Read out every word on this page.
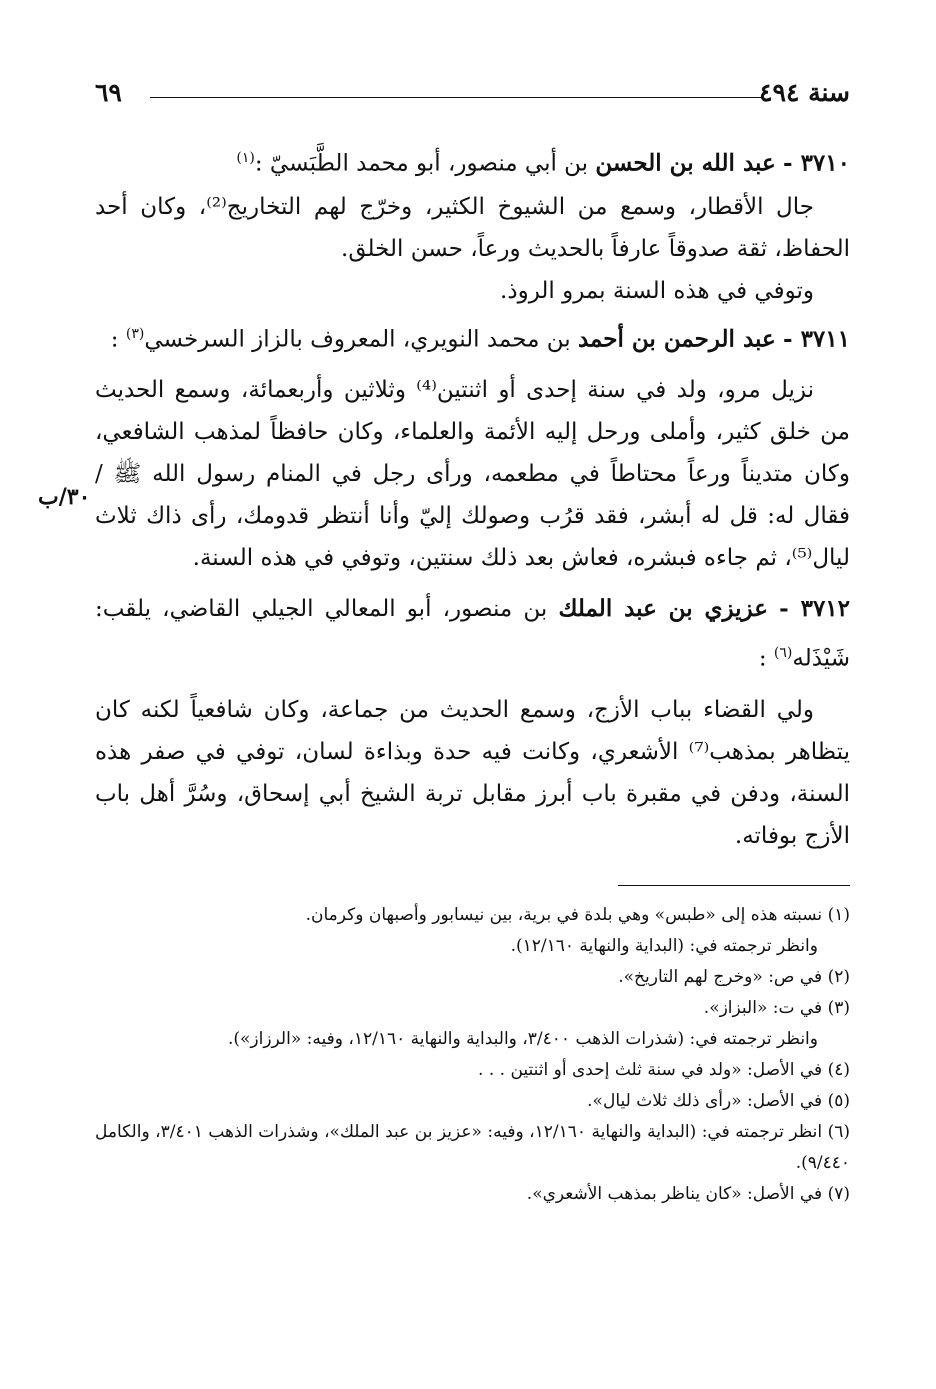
سنة ٤٩٤
٦٩
٣٠/ب

٣٧١٠ - عبد الله بن الحسن بن أبي منصور، أبو محمد الطَّبَسيّ :$^{(١)}$

جال الأقطار، وسمع من الشيوخ الكثير، وخرّج لهم التخاريج⁽²⁾، وكان أحد الحفاظ، ثقة صدوقاً عارفاً بالحديث ورعاً، حسن الخلق.

وتوفي في هذه السنة بمرو الروذ.

٣٧١١ - عبد الرحمن بن أحمد بن محمد النويري، المعروف بالزاز السرخسي$^{(٣)}$ :

نزيل مرو، ولد في سنة إحدى أو اثنتين⁽⁴⁾ وثلاثين وأربعمائة، وسمع الحديث من خلق كثير، وأملى ورحل إليه الأئمة والعلماء، وكان حافظاً لمذهب الشافعي، وكان متديناً ورعاً محتاطاً في مطعمه، ورأى رجل في المنام رسول الله ﷺ / فقال له: قل له أبشر، فقد قرُب وصولك إليّ وأنا أنتظر قدومك، رأى ذاك ثلاث ليال⁽⁵⁾، ثم جاءه فبشره، فعاش بعد ذلك سنتين، وتوفي في هذه السنة.

٣٧١٢ - عزيزي بن عبد الملك بن منصور، أبو المعالي الجيلي القاضي، يلقب: شَيْذَله$^{(٦)}$ :

ولي القضاء بباب الأزج، وسمع الحديث من جماعة، وكان شافعياً لكنه كان يتظاهر بمذهب⁽⁷⁾ الأشعري، وكانت فيه حدة وبذاءة لسان، توفي في صفر هذه السنة، ودفن في مقبرة باب أبرز مقابل تربة الشيخ أبي إسحاق، وسُرَّ أهل باب الأزج بوفاته.

(١) نسبته هذه إلى «طبس» وهي بلدة في برية، بين نيسابور وأصبهان وكرمان.

وانظر ترجمته في: (البداية والنهاية ١٢/١٦٠).

(٢) في ص: «وخرج لهم التاريخ».

(٣) في ت: «البزاز».

وانظر ترجمته في: (شذرات الذهب ٣/٤٠٠، والبداية والنهاية ١٢/١٦٠، وفيه: «الرزاز»).

(٤) في الأصل: «ولد في سنة ثلث إحدى أو اثنتين . . .

(٥) في الأصل: «رأى ذلك ثلاث ليال».

(٦) انظر ترجمته في: (البداية والنهاية ١٢/١٦٠، وفيه: «عزيز بن عبد الملك»، وشذرات الذهب ٣/٤٠١، والكامل ٩/٤٤٠).

(٧) في الأصل: «كان يناظر بمذهب الأشعري».
